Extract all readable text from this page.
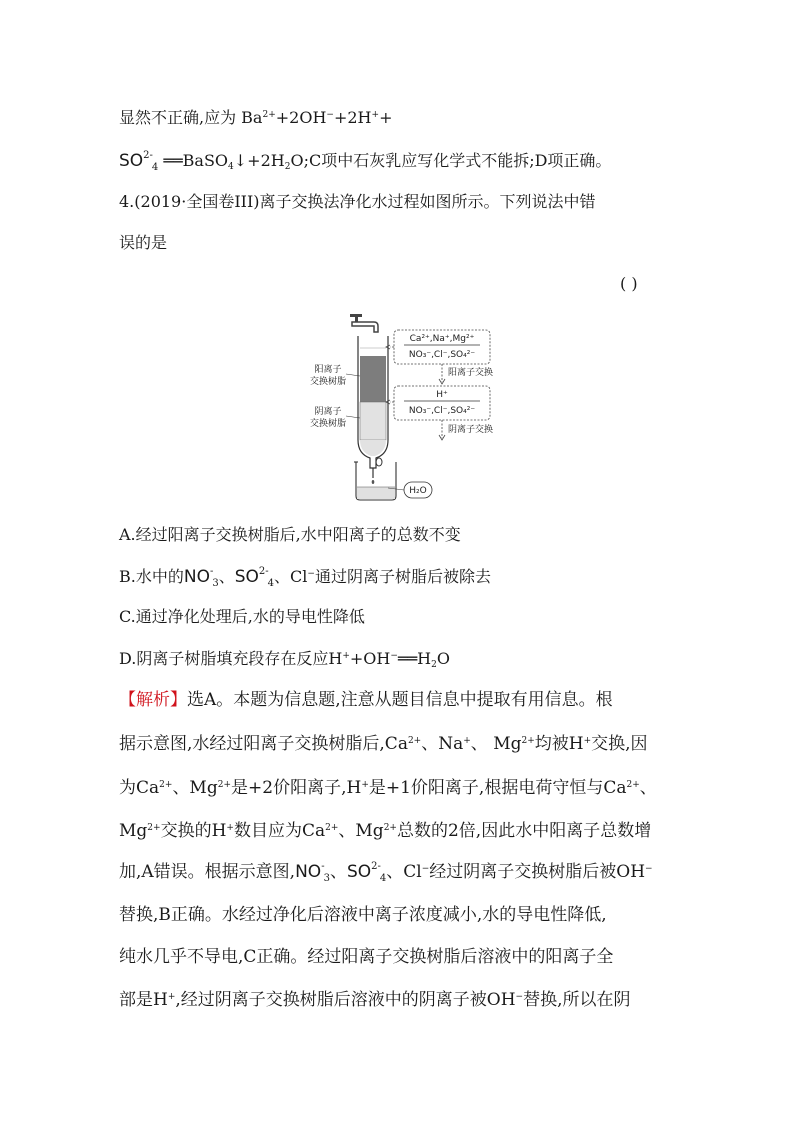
显然不正确,应为 $Ba^{2+}+2OH^-+2H^++$
$SO^{2-}_4$ $══BaSO_4↓+2H_2O;C$项中石灰乳应写化学式不能拆;D项正确。
4.(2019·全国卷III)离子交换法净化水过程如图所示。下列说法中错
误的是
( )
阳离子
交换树脂
阴离子
交换树脂
Ca²⁺,Na⁺,Mg²⁺
NO₃⁻,Cl⁻,SO₄²⁻
阳离子交换
H⁺
NO₃⁻,Cl⁻,SO₄²⁻
阴离子交换
H₂O
A.经过阳离子交换树脂后,水中阳离子的总数不变
B.水中的$NO^-_3$、$SO^{2-}_4$、Cl−通过阴离子树脂后被除去
C.通过净化处理后,水的导电性降低
D.阴离子树脂填充段存在反应$H^++OH^-══H_2O$
【解析】选A。本题为信息题,注意从题目信息中提取有用信息。根
据示意图,水经过阳离子交换树脂后$,Ca^{2+}$、Na+、 $Mg^{2+}$均被H+交换,因
为$Ca^{2+}$、$Mg^{2+}$是+2价阳离子,H+是+1价阳离子,根据电荷守恒与$Ca^{2+}$、
$Mg^{2+}$交换的H+数目应为$Ca^{2+}$、$Mg^{2+}$总数的2倍,因此水中阳离子总数增
加,A错误。根据示意图$,NO^-_3$、$SO^{2-}_4$、Cl−经过阴离子交换树脂后被OH−
替换,B正确。水经过净化后溶液中离子浓度减小,水的导电性降低,
纯水几乎不导电,C正确。经过阳离子交换树脂后溶液中的阳离子全
部是H+,经过阴离子交换树脂后溶液中的阴离子被OH−替换,所以在阴
